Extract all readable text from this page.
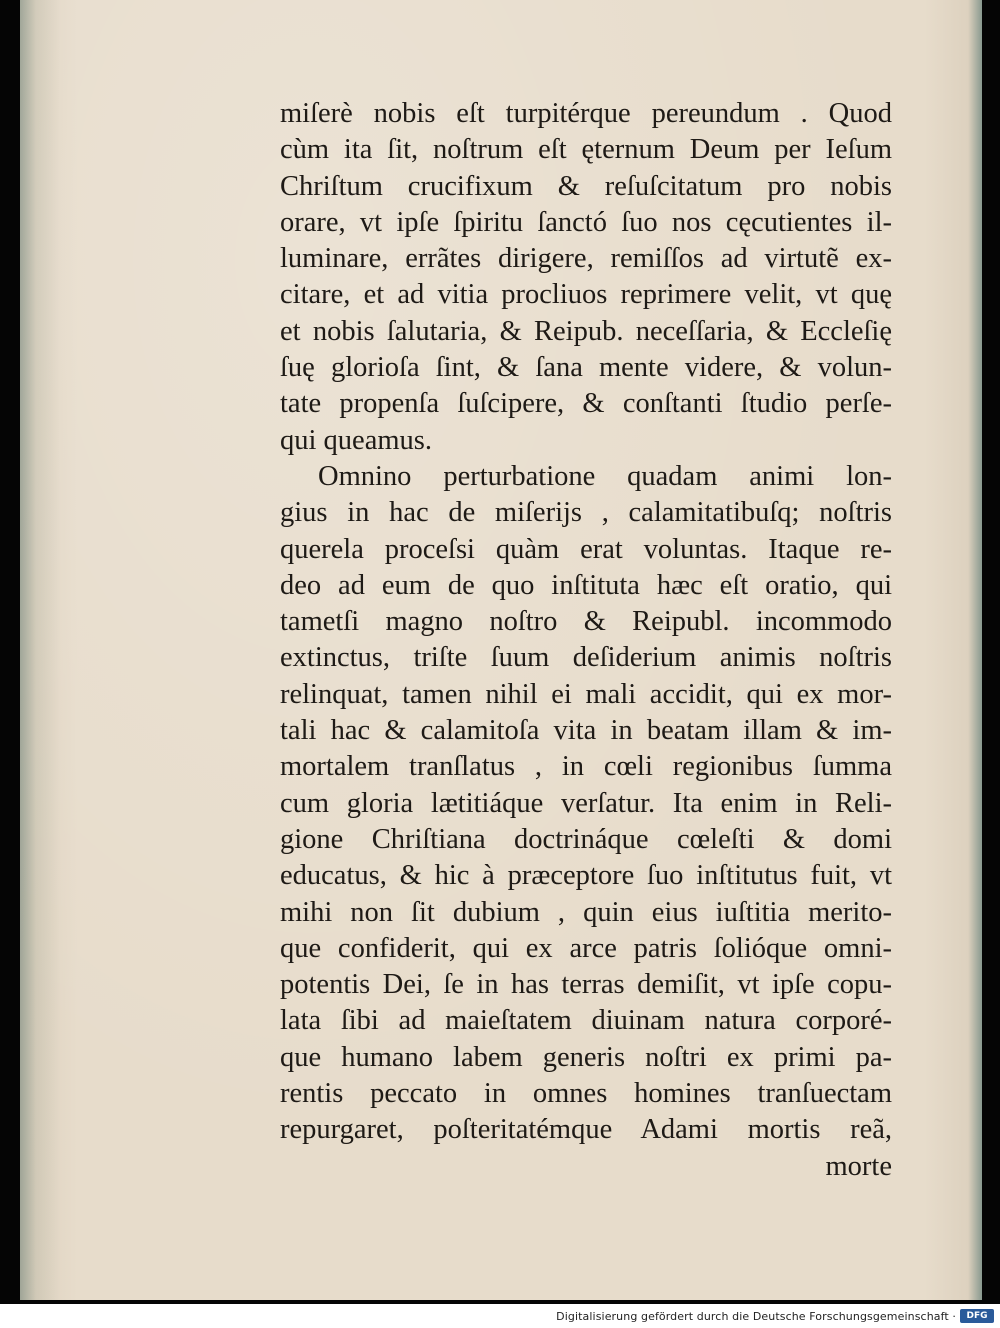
miſerè nobis eſt turpitérque pereundum . Quod
cùm ita ſit, noſtrum eſt ęternum Deum per Ieſum
Chriſtum crucifixum & reſuſcitatum pro nobis
orare, vt ipſe ſpiritu ſanctó ſuo nos cęcutientes il-
luminare, errãtes dirigere, remiſſos ad virtutẽ ex-
citare, et ad vitia procliuos reprimere velit, vt quę
et nobis ſalutaria, & Reipub. neceſſaria, & Eccleſię
ſuę glorioſa ſint, & ſana mente videre, & volun-
tate propenſa ſuſcipere, & conſtanti ſtudio perſe-
qui queamus.
Omnino perturbatione quadam animi lon-
gius in hac de miſerijs , calamitatibuſq; noſtris
querela proceſsi quàm erat voluntas. Itaque re-
deo ad eum de quo inſtituta hæc eſt oratio, qui
tametſi magno noſtro & Reipubl. incommodo
extinctus, triſte ſuum deſiderium animis noſtris
relinquat, tamen nihil ei mali accidit, qui ex mor-
tali hac & calamitoſa vita in beatam illam & im-
mortalem tranſlatus , in cœli regionibus ſumma
cum gloria lætitiáque verſatur. Ita enim in Reli-
gione Chriſtiana doctrináque cœleſti & domi
educatus, & hic à præceptore ſuo inſtitutus fuit, vt
mihi non ſit dubium , quin eius iuſtitia merito-
que confiderit, qui ex arce patris ſolióque omni-
potentis Dei, ſe in has terras demiſit, vt ipſe copu-
lata ſibi ad maieſtatem diuinam natura corporé-
que humano labem generis noſtri ex primi pa-
rentis peccato in omnes homines tranſuectam
repurgaret, poſteritatémque Adami mortis reã,
morte
Digitalisierung gefördert durch die Deutsche Forschungsgemeinschaft ·	DFG
